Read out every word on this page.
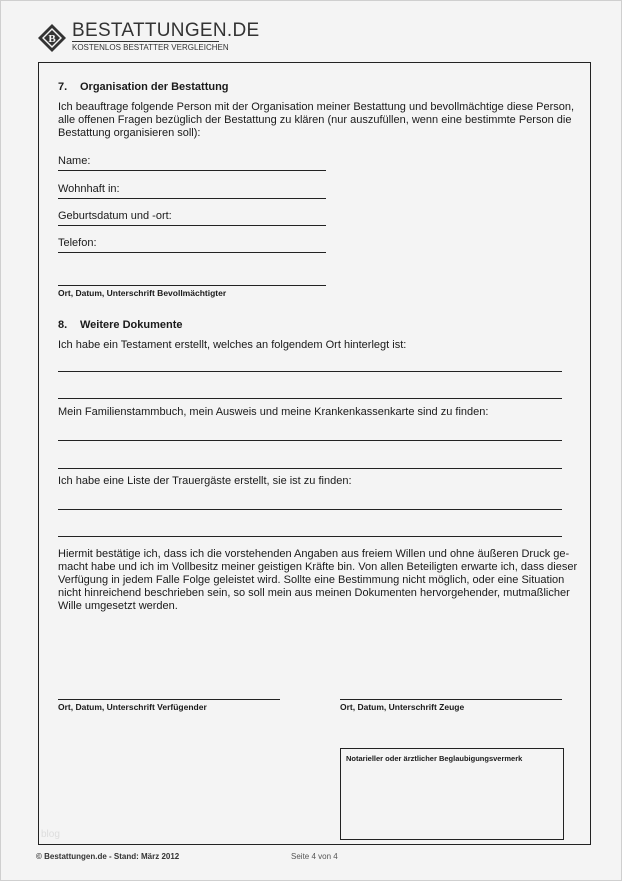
B BESTATTUNGEN.DE
KOSTENLOS BESTATTER VERGLEICHEN
7. Organisation der Bestattung
Ich beauftrage folgende Person mit der Organisation meiner Bestattung und bevollmächtige diese Person,
alle offenen Fragen bezüglich der Bestattung zu klären (nur auszufüllen, wenn eine bestimmte Person die
Bestattung organisieren soll):
Name:
Wohnhaft in:
Geburtsdatum und -ort:
Telefon:
Ort, Datum, Unterschrift Bevollmächtigter
8. Weitere Dokumente
Ich habe ein Testament erstellt, welches an folgendem Ort hinterlegt ist:
Mein Familienstammbuch, mein Ausweis und meine Krankenkassenkarte sind zu finden:
Ich habe eine Liste der Trauergäste erstellt, sie ist zu finden:
Hiermit bestätige ich, dass ich die vorstehenden Angaben aus freiem Willen und ohne äußeren Druck ge-
macht habe und ich im Vollbesitz meiner geistigen Kräfte bin. Von allen Beteiligten erwarte ich, dass dieser
Verfügung in jedem Falle Folge geleistet wird. Sollte eine Bestimmung nicht möglich, oder eine Situation
nicht hinreichend beschrieben sein, so soll mein aus meinen Dokumenten hervorgehender, mutmaßlicher
Wille umgesetzt werden.
Ort, Datum, Unterschrift Verfügender	Ort, Datum, Unterschrift Zeuge
Notarieller oder ärztlicher Beglaubigungsvermerk
blog
© Bestattungen.de - Stand: März 2012	Seite 4 von 4
